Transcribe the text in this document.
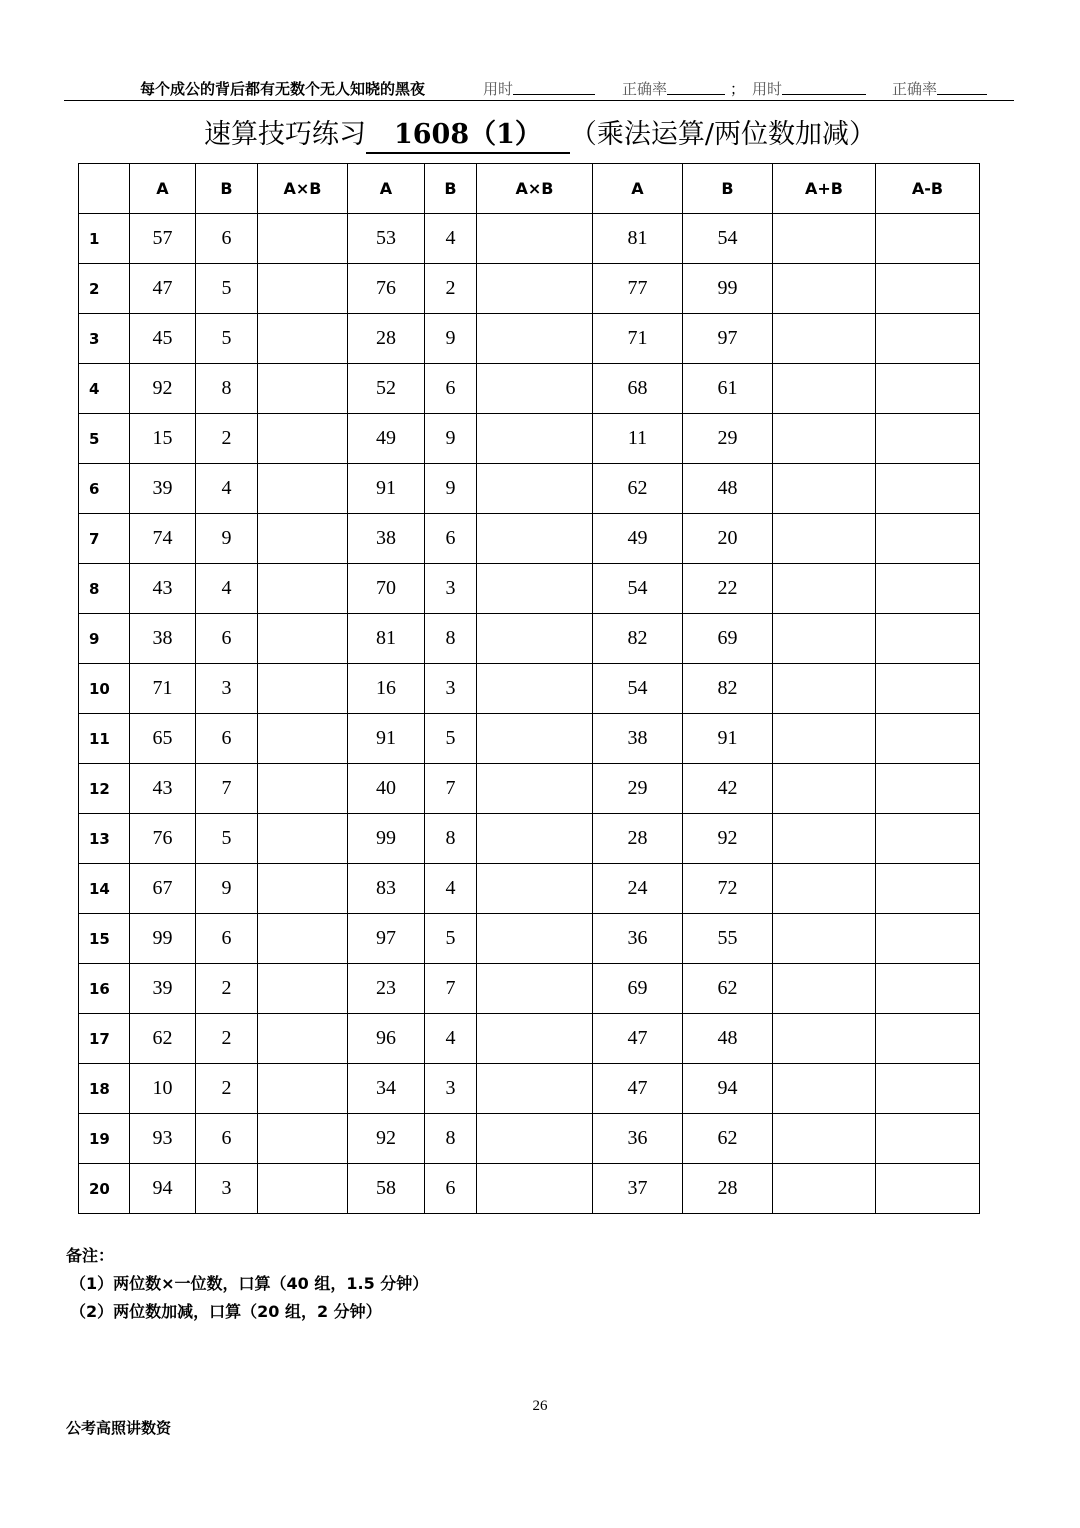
每个成公的背后都有无数个无人知晓的黑夜	用时	正确率	； 用时	正确率
速算技巧练习 1608（1） （乘法运算/两位数加减）
	A	B	A×B	A	B	A×B	A	B	A+B	A-B
1	57	6		53	4		81	54		
2	47	5		76	2		77	99		
3	45	5		28	9		71	97		
4	92	8		52	6		68	61		
5	15	2		49	9		11	29		
6	39	4		91	9		62	48		
7	74	9		38	6		49	20		
8	43	4		70	3		54	22		
9	38	6		81	8		82	69		
10	71	3		16	3		54	82		
11	65	6		91	5		38	91		
12	43	7		40	7		29	42		
13	76	5		99	8		28	92		
14	67	9		83	4		24	72		
15	99	6		97	5		36	55		
16	39	2		23	7		69	62		
17	62	2		96	4		47	48		
18	10	2		34	3		47	94		
19	93	6		92	8		36	62		
20	94	3		58	6		37	28		
备注：
（1）两位数×一位数，口算（40 组，1.5 分钟）
（2）两位数加减，口算（20 组，2 分钟）
26
公考高照讲数资
